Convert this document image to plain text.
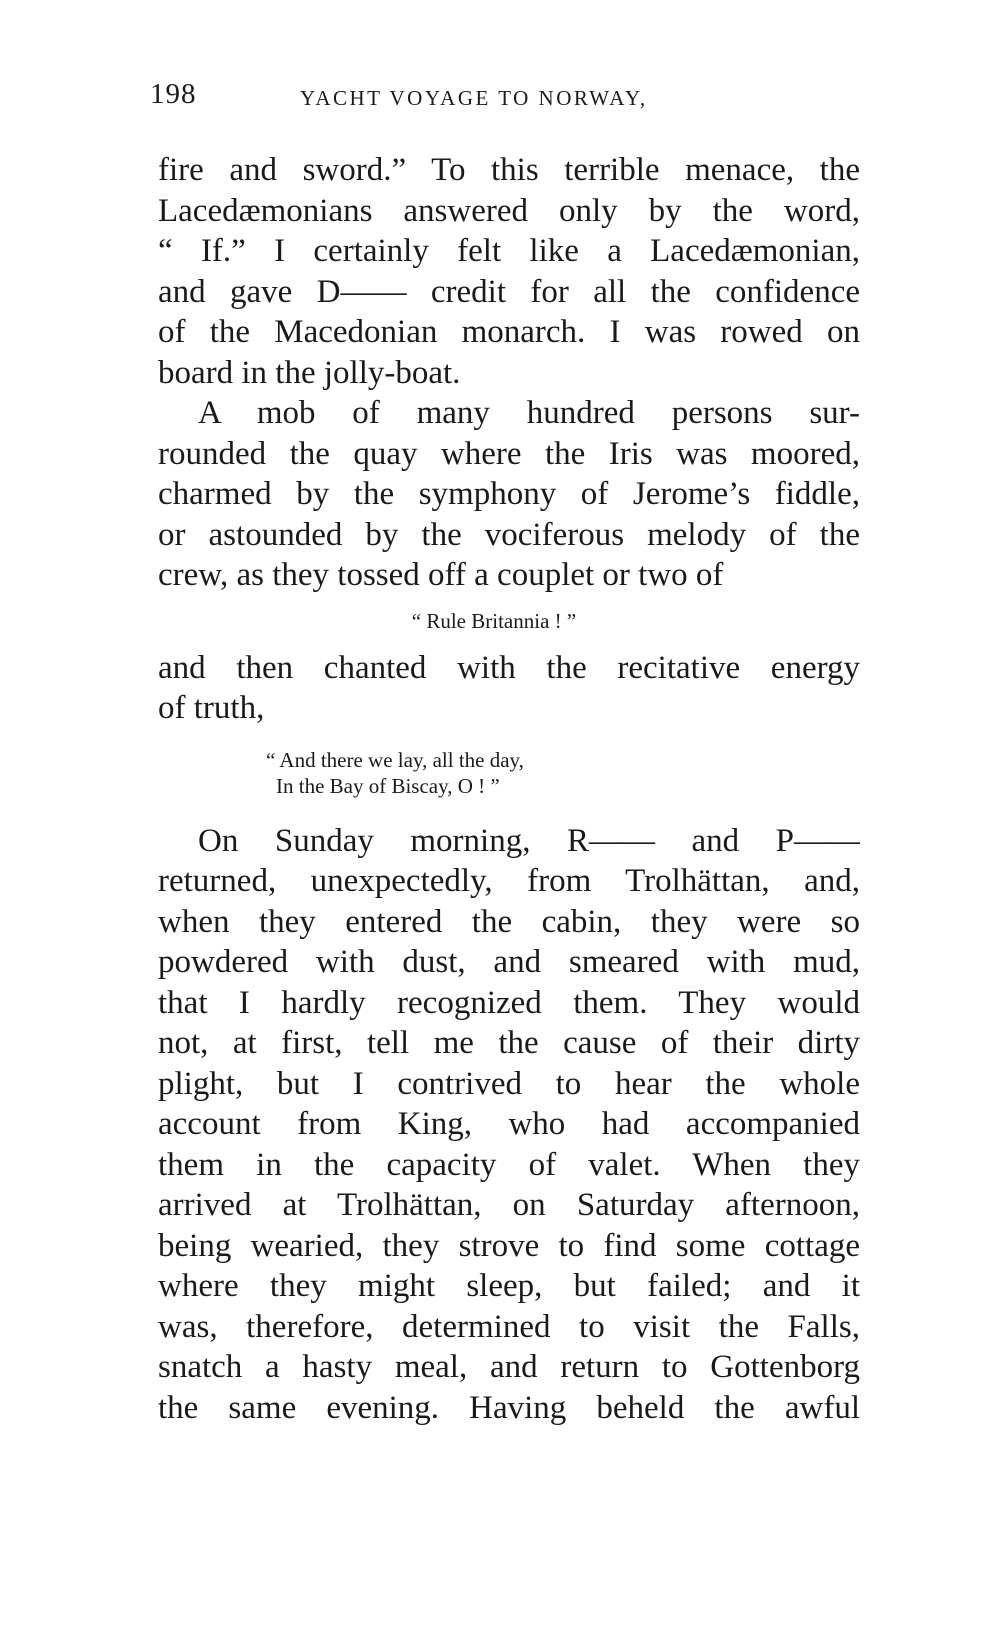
198	YACHT VOYAGE TO NORWAY,
fire and sword.” To this terrible menace, the
Lacedæmonians answered only by the word,
“ If.” I certainly felt like a Lacedæmonian,
and gave D—— credit for all the confidence
of the Macedonian monarch. I was rowed on
board in the jolly-boat.
A mob of many hundred persons sur-
rounded the quay where the Iris was moored,
charmed by the symphony of Jerome’s fiddle,
or astounded by the vociferous melody of the
crew, as they tossed off a couplet or two of
“ Rule Britannia ! ”
and then chanted with the recitative energy
of truth,
“ And there we lay, all the day,
In the Bay of Biscay, O ! ”
On Sunday morning, R—— and P——
returned, unexpectedly, from Trolhättan, and,
when they entered the cabin, they were so
powdered with dust, and smeared with mud,
that I hardly recognized them. They would
not, at first, tell me the cause of their dirty
plight, but I contrived to hear the whole
account from King, who had accompanied
them in the capacity of valet. When they
arrived at Trolhättan, on Saturday afternoon,
being wearied, they strove to find some cottage
where they might sleep, but failed; and it
was, therefore, determined to visit the Falls,
snatch a hasty meal, and return to Gottenborg
the same evening. Having beheld the awful
